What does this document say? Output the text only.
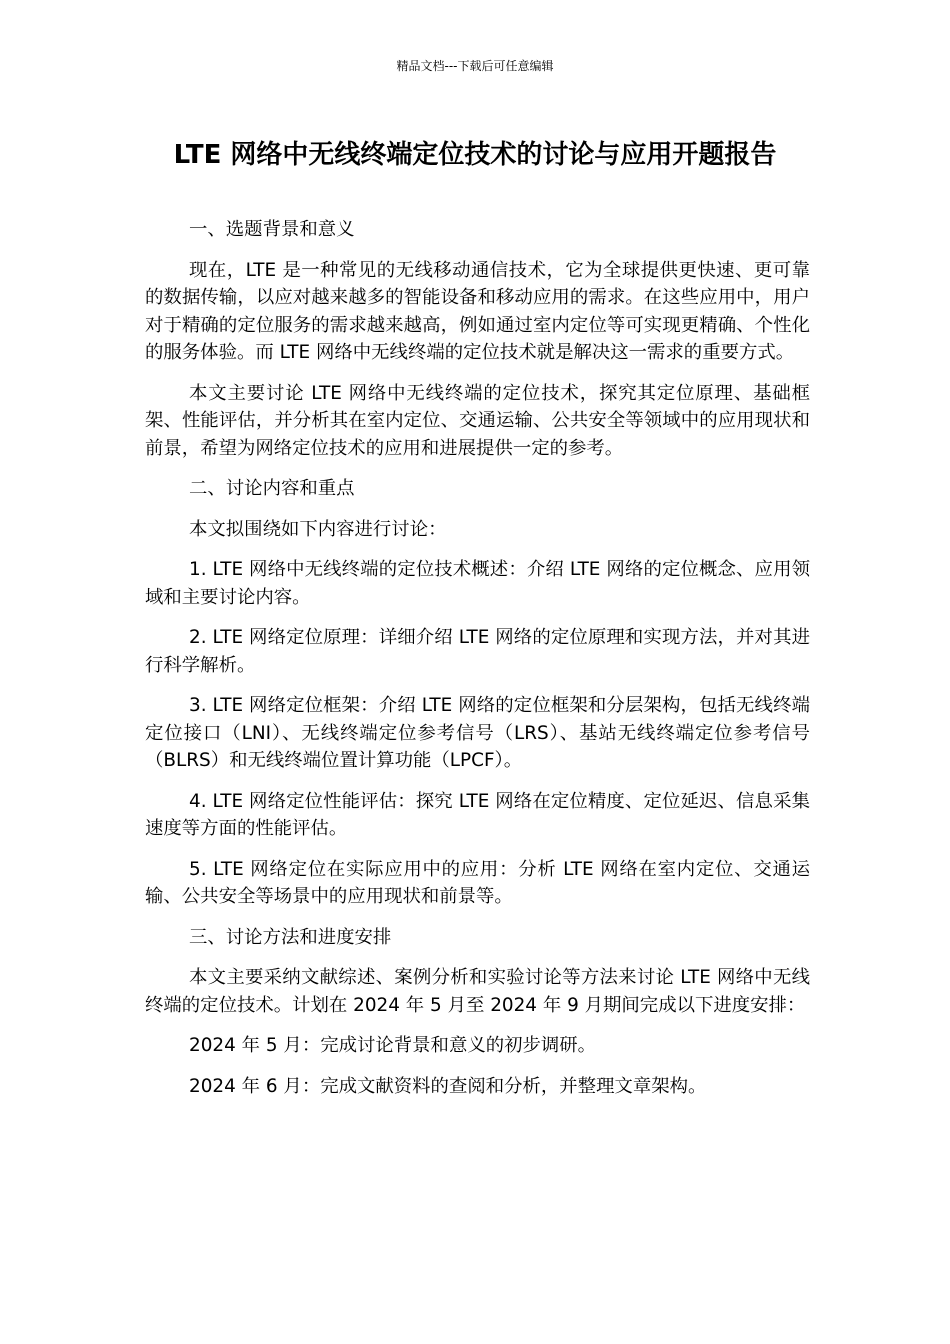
精品文档---下载后可任意编辑
LTE 网络中无线终端定位技术的讨论与应用开题报告

一、选题背景和意义

现在，LTE 是一种常见的无线移动通信技术，它为全球提供更快速、更可靠的数据传输，以应对越来越多的智能设备和移动应用的需求。在这些应用中，用户对于精确的定位服务的需求越来越高，例如通过室内定位等可实现更精确、个性化的服务体验。而 LTE 网络中无线终端的定位技术就是解决这一需求的重要方式。

本文主要讨论 LTE 网络中无线终端的定位技术，探究其定位原理、基础框架、性能评估，并分析其在室内定位、交通运输、公共安全等领域中的应用现状和前景，希望为网络定位技术的应用和进展提供一定的参考。

二、讨论内容和重点

本文拟围绕如下内容进行讨论：

1. LTE 网络中无线终端的定位技术概述：介绍 LTE 网络的定位概念、应用领域和主要讨论内容。

2. LTE 网络定位原理：详细介绍 LTE 网络的定位原理和实现方法，并对其进行科学解析。

3. LTE 网络定位框架：介绍 LTE 网络的定位框架和分层架构，包括无线终端定位接口（LNI）、无线终端定位参考信号（LRS）、基站无线终端定位参考信号（BLRS）和无线终端位置计算功能（LPCF）。

4. LTE 网络定位性能评估：探究 LTE 网络在定位精度、定位延迟、信息采集速度等方面的性能评估。

5. LTE 网络定位在实际应用中的应用：分析 LTE 网络在室内定位、交通运输、公共安全等场景中的应用现状和前景等。

三、讨论方法和进度安排

本文主要采纳文献综述、案例分析和实验讨论等方法来讨论 LTE 网络中无线终端的定位技术。计划在 2024 年 5 月至 2024 年 9 月期间完成以下进度安排：

2024 年 5 月：完成讨论背景和意义的初步调研。

2024 年 6 月：完成文献资料的查阅和分析，并整理文章架构。
